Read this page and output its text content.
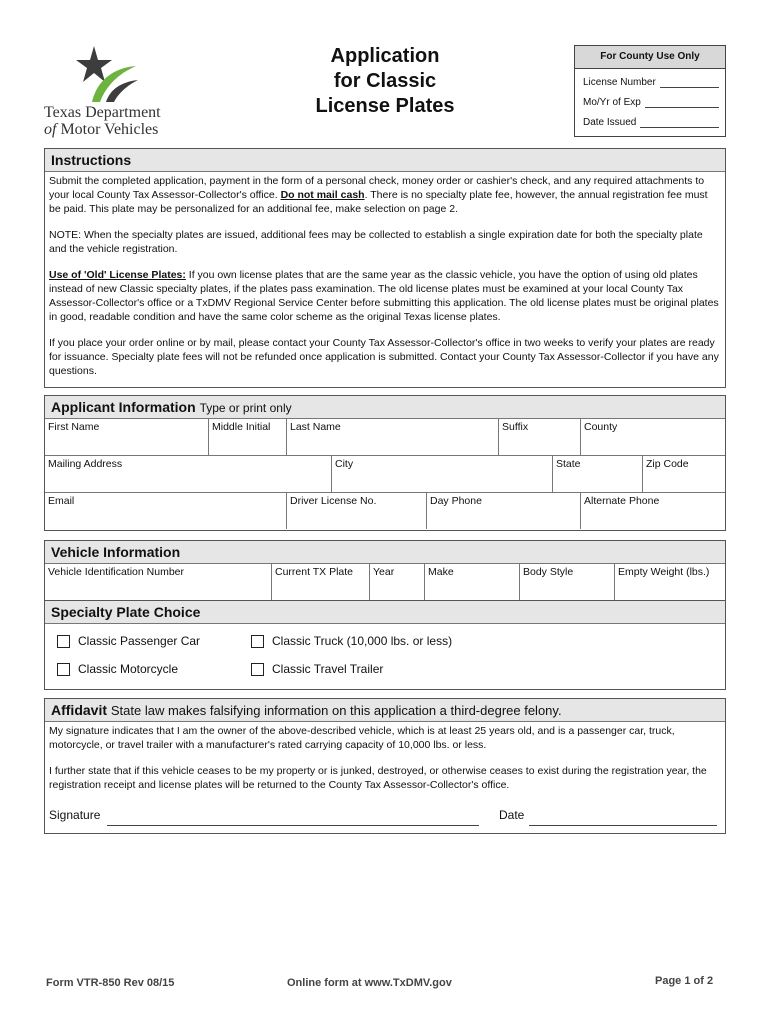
Texas Department
of Motor Vehicles
Application
for Classic
License Plates
For County Use Only
License Number
Mo/Yr of Exp
Date Issued
Instructions

Submit the completed application, payment in the form of a personal check, money order or cashier's check, and any required attachments to your local County Tax Assessor-Collector's office. Do not mail cash. There is no specialty plate fee, however, the annual registration fee must be paid. This plate may be personalized for an additional fee, make selection on page 2.

NOTE: When the specialty plates are issued, additional fees may be collected to establish a single expiration date for both the specialty plate and the vehicle registration.

Use of 'Old' License Plates: If you own license plates that are the same year as the classic vehicle, you have the option of using old plates instead of new Classic specialty plates, if the plates pass examination. The old license plates must be examined at your local County Tax Assessor-Collector's office or a TxDMV Regional Service Center before submitting this application. The old license plates must be original plates in good, readable condition and have the same color scheme as the original Texas license plates.

If you place your order online or by mail, please contact your County Tax Assessor-Collector's office in two weeks to verify your plates are ready for issuance. Specialty plate fees will not be refunded once application is submitted. Contact your County Tax Assessor-Collector if you have any questions.

Applicant Information Type or print only
First Name	Middle Initial	Last Name	Suffix	County
Mailing Address	City	State	Zip Code
Email	Driver License No.	Day Phone	Alternate Phone
Vehicle Information
Vehicle Identification Number	Current TX Plate	Year	Make	Body Style	Empty Weight (lbs.)
Specialty Plate Choice
Classic Passenger Car	Classic Truck (10,000 lbs. or less)
Classic Motorcycle	Classic Travel Trailer
Affidavit State law makes falsifying information on this application a third-degree felony.

My signature indicates that I am the owner of the above-described vehicle, which is at least 25 years old, and is a passenger car, truck, motorcycle, or travel trailer with a manufacturer's rated carrying capacity of 10,000 lbs. or less.

I further state that if this vehicle ceases to be my property or is junked, destroyed, or otherwise ceases to exist during the registration year, the registration receipt and license plates will be returned to the County Tax Assessor-Collector's office.

Signature	Date
Form VTR-850 Rev 08/15	Online form at www.TxDMV.gov	Page 1 of 2
